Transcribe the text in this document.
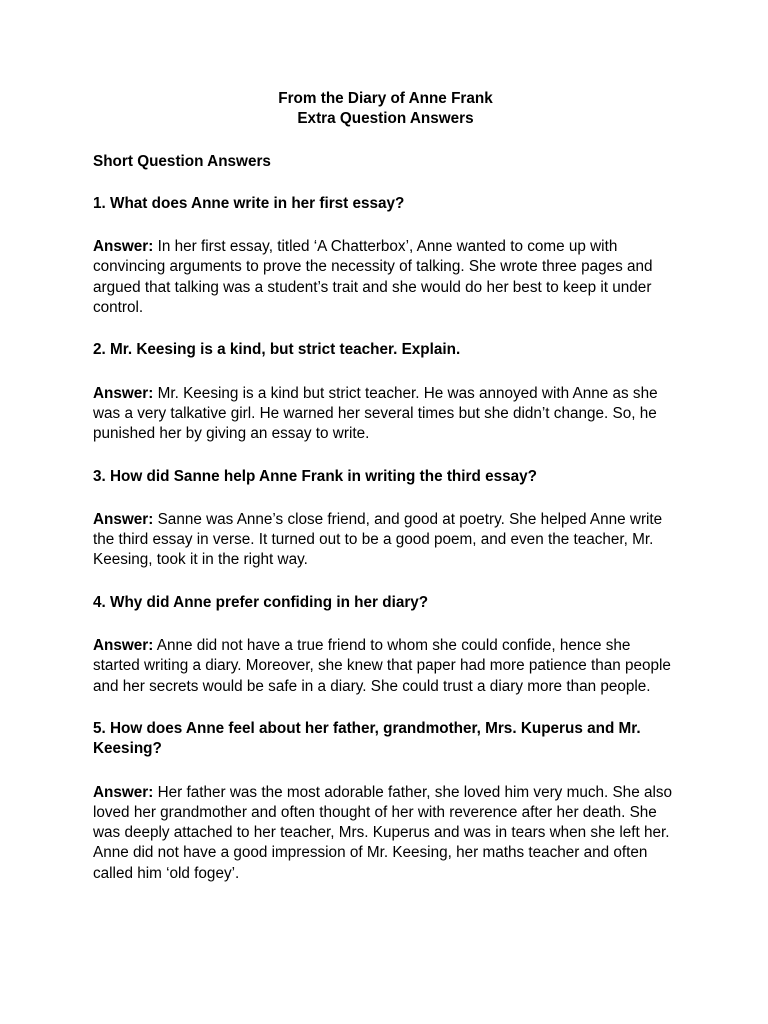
From the Diary of Anne Frank
Extra Question Answers

Short Question Answers

1. What does Anne write in her first essay?

Answer: In her first essay, titled ‘A Chatterbox’, Anne wanted to come up with convincing arguments to prove the necessity of talking. She wrote three pages and argued that talking was a student’s trait and she would do her best to keep it under control.

2. Mr. Keesing is a kind, but strict teacher. Explain.

Answer: Mr. Keesing is a kind but strict teacher. He was annoyed with Anne as she was a very talkative girl. He warned her several times but she didn’t change. So, he punished her by giving an essay to write.

3. How did Sanne help Anne Frank in writing the third essay?

Answer: Sanne was Anne’s close friend, and good at poetry. She helped Anne write the third essay in verse. It turned out to be a good poem, and even the teacher, Mr. Keesing, took it in the right way.

4. Why did Anne prefer confiding in her diary?

Answer: Anne did not have a true friend to whom she could confide, hence she started writing a diary. Moreover, she knew that paper had more patience than people and her secrets would be safe in a diary. She could trust a diary more than people.

5. How does Anne feel about her father, grandmother, Mrs. Kuperus and Mr. Keesing?

Answer: Her father was the most adorable father, she loved him very much. She also loved her grandmother and often thought of her with reverence after her death. She was deeply attached to her teacher, Mrs. Kuperus and was in tears when she left her. Anne did not have a good impression of Mr. Keesing, her maths teacher and often called him ‘old fogey’.
